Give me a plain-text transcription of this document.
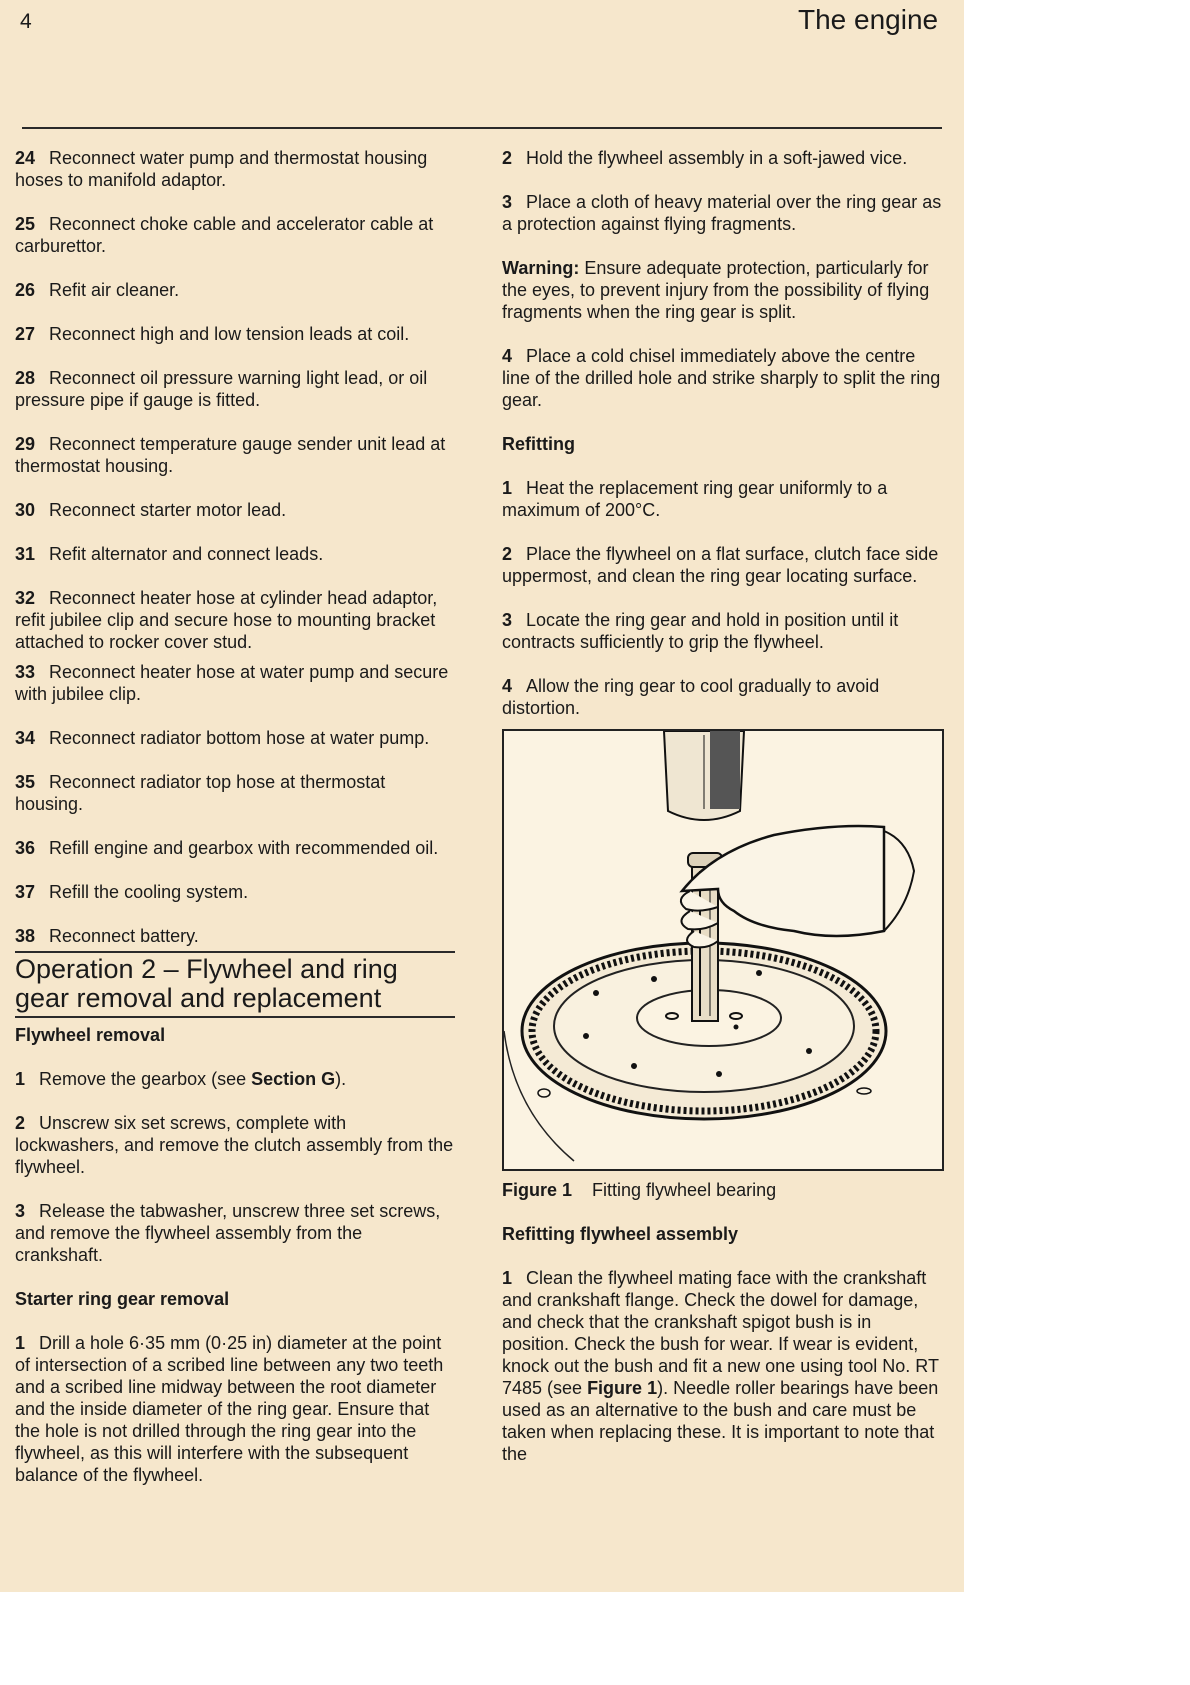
4	The engine

24 Reconnect water pump and thermostat housing hoses to manifold adaptor.

25 Reconnect choke cable and accelerator cable at carburettor.

26 Refit air cleaner.

27 Reconnect high and low tension leads at coil.

28 Reconnect oil pressure warning light lead, or oil pressure pipe if gauge is fitted.

29 Reconnect temperature gauge sender unit lead at thermostat housing.

30 Reconnect starter motor lead.

31 Refit alternator and connect leads.

32 Reconnect heater hose at cylinder head adaptor, refit jubilee clip and secure hose to mounting bracket attached to rocker cover stud.

33 Reconnect heater hose at water pump and secure with jubilee clip.

34 Reconnect radiator bottom hose at water pump.

35 Reconnect radiator top hose at thermostat housing.

36 Refill engine and gearbox with recommended oil.

37 Refill the cooling system.

38 Reconnect battery.

Operation 2 – Flywheel and ring gear removal and replacement

Flywheel removal

1 Remove the gearbox (see Section G).

2 Unscrew six set screws, complete with lockwashers, and remove the clutch assembly from the flywheel.

3 Release the tabwasher, unscrew three set screws, and remove the flywheel assembly from the crankshaft.

Starter ring gear removal

1 Drill a hole 6·35 mm (0·25 in) diameter at the point of intersection of a scribed line between any two teeth and a scribed line midway between the root diameter and the inside diameter of the ring gear. Ensure that the hole is not drilled through the ring gear into the flywheel, as this will interfere with the subsequent balance of the flywheel.

2 Hold the flywheel assembly in a soft-jawed vice.

3 Place a cloth of heavy material over the ring gear as a protection against flying fragments.

Warning: Ensure adequate protection, particularly for the eyes, to prevent injury from the possibility of flying fragments when the ring gear is split.

4 Place a cold chisel immediately above the centre line of the drilled hole and strike sharply to split the ring gear.

Refitting

1 Heat the replacement ring gear uniformly to a maximum of 200°C.

2 Place the flywheel on a flat surface, clutch face side uppermost, and clean the ring gear locating surface.

3 Locate the ring gear and hold in position until it contracts sufficiently to grip the flywheel.

4 Allow the ring gear to cool gradually to avoid distortion.

Figure 1 Fitting flywheel bearing

Refitting flywheel assembly

1 Clean the flywheel mating face with the crankshaft and crankshaft flange. Check the dowel for damage, and check that the crankshaft spigot bush is in position. Check the bush for wear. If wear is evident, knock out the bush and fit a new one using tool No. RT 7485 (see Figure 1). Needle roller bearings have been used as an alternative to the bush and care must be taken when replacing these. It is important to note that the
